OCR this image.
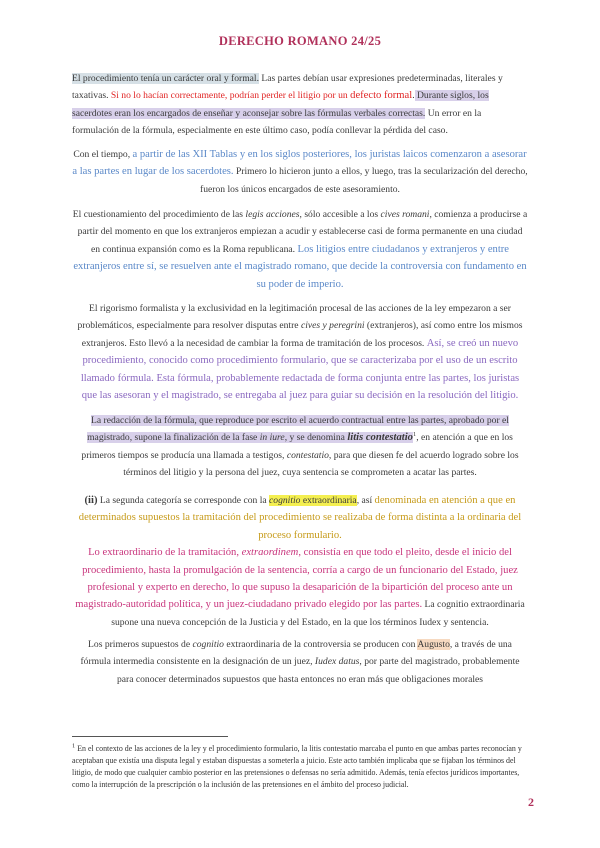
DERECHO ROMANO 24/25

El procedimiento tenía un carácter oral y formal. Las partes debían usar expresiones predeterminadas, literales y taxativas. Si no lo hacían correctamente, podrían perder el litigio por un defecto formal. Durante siglos, los sacerdotes eran los encargados de enseñar y aconsejar sobre las fórmulas verbales correctas. Un error en la formulación de la fórmula, especialmente en este último caso, podía conllevar la pérdida del caso.

Con el tiempo, a partir de las XII Tablas y en los siglos posteriores, los juristas laicos comenzaron a asesorar a las partes en lugar de los sacerdotes. Primero lo hicieron junto a ellos, y luego, tras la secularización del derecho, fueron los únicos encargados de este asesoramiento.

El cuestionamiento del procedimiento de las legis acciones, sólo accesible a los cives romani, comienza a producirse a partir del momento en que los extranjeros empiezan a acudir y establecerse casi de forma permanente en una ciudad en continua expansión como es la Roma republicana. Los litigios entre ciudadanos y extranjeros y entre extranjeros entre sí, se resuelven ante el magistrado romano, que decide la controversia con fundamento en su poder de imperio.

El rigorismo formalista y la exclusividad en la legitimación procesal de las acciones de la ley empezaron a ser problemáticos, especialmente para resolver disputas entre cives y peregrini (extranjeros), así como entre los mismos extranjeros. Esto llevó a la necesidad de cambiar la forma de tramitación de los procesos. Así, se creó un nuevo procedimiento, conocido como procedimiento formulario, que se caracterizaba por el uso de un escrito llamado fórmula. Esta fórmula, probablemente redactada de forma conjunta entre las partes, los juristas que las asesoran y el magistrado, se entregaba al juez para guiar su decisión en la resolución del litigio.

La redacción de la fórmula, que reproduce por escrito el acuerdo contractual entre las partes, aprobado por el magistrado, supone la finalización de la fase in iure, y se denomina litis contestatio$^1$, en atención a que en los primeros tiempos se producía una llamada a testigos, contestatio, para que diesen fe del acuerdo logrado sobre los términos del litigio y la persona del juez, cuya sentencia se comprometen a acatar las partes.

(ii) La segunda categoría se corresponde con la cognitio extraordinaria, así denominada en atención a que en determinados supuestos la tramitación del procedimiento se realizaba de forma distinta a la ordinaria del proceso formulario.
Lo extraordinario de la tramitación, extraordinem, consistía en que todo el pleito, desde el inicio del procedimiento, hasta la promulgación de la sentencia, corría a cargo de un funcionario del Estado, juez profesional y experto en derecho, lo que supuso la desaparición de la bipartición del proceso ante un magistrado-autoridad política, y un juez-ciudadano privado elegido por las partes. La cognitio extraordinaria supone una nueva concepción de la Justicia y del Estado, en la que los términos Iudex y sentencia.

Los primeros supuestos de cognitio extraordinaria de la controversia se producen con Augusto, a través de una fórmula intermedia consistente en la designación de un juez, Iudex datus, por parte del magistrado, probablemente para conocer determinados supuestos que hasta entonces no eran más que obligaciones morales

$^1$ En el contexto de las acciones de la ley y el procedimiento formulario, la litis contestatio marcaba el punto en que ambas partes reconocían y aceptaban que existía una disputa legal y estaban dispuestas a someterla a juicio. Este acto también implicaba que se fijaban los términos del litigio, de modo que cualquier cambio posterior en las pretensiones o defensas no sería admitido. Además, tenía efectos jurídicos importantes, como la interrupción de la prescripción o la inclusión de las pretensiones en el ámbito del proceso judicial.
2
